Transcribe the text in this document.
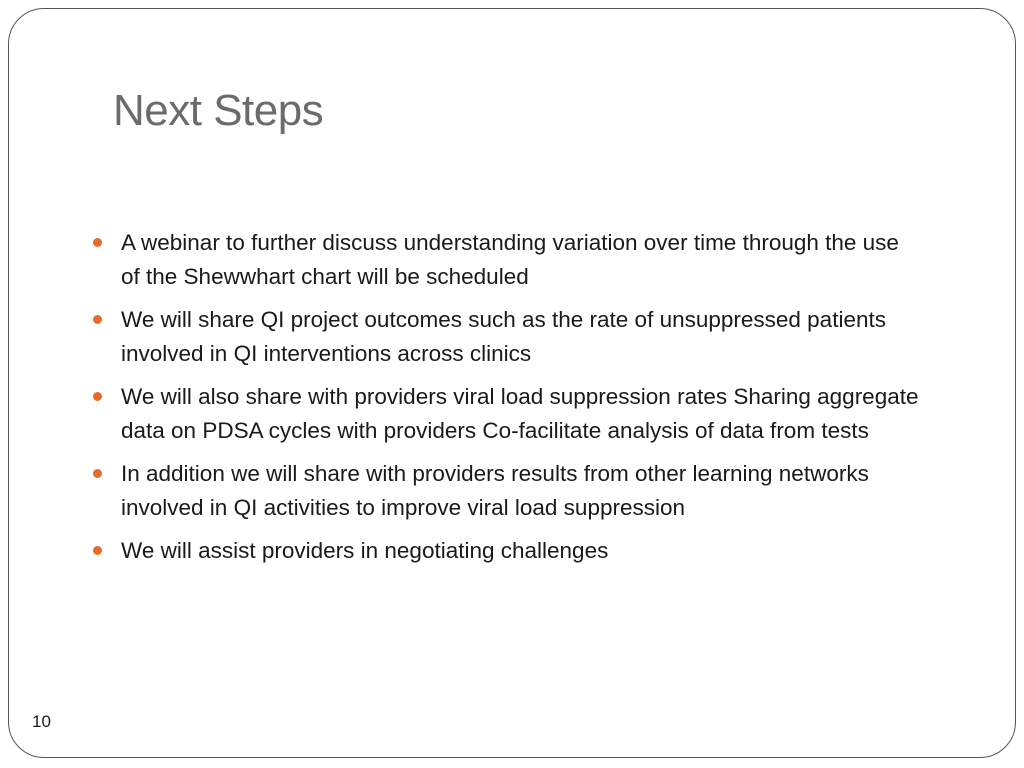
Next Steps
A webinar to further discuss understanding variation over time through the use of the Shewwhart chart will be scheduled
We will share QI project outcomes such as the rate of unsuppressed patients involved in QI interventions across clinics
We will also share with providers viral load suppression rates Sharing aggregate data on PDSA cycles with providers Co-facilitate analysis of data from tests
In addition we will share with providers results from other learning networks involved in QI activities to improve viral load suppression
We will assist providers in negotiating challenges
10
